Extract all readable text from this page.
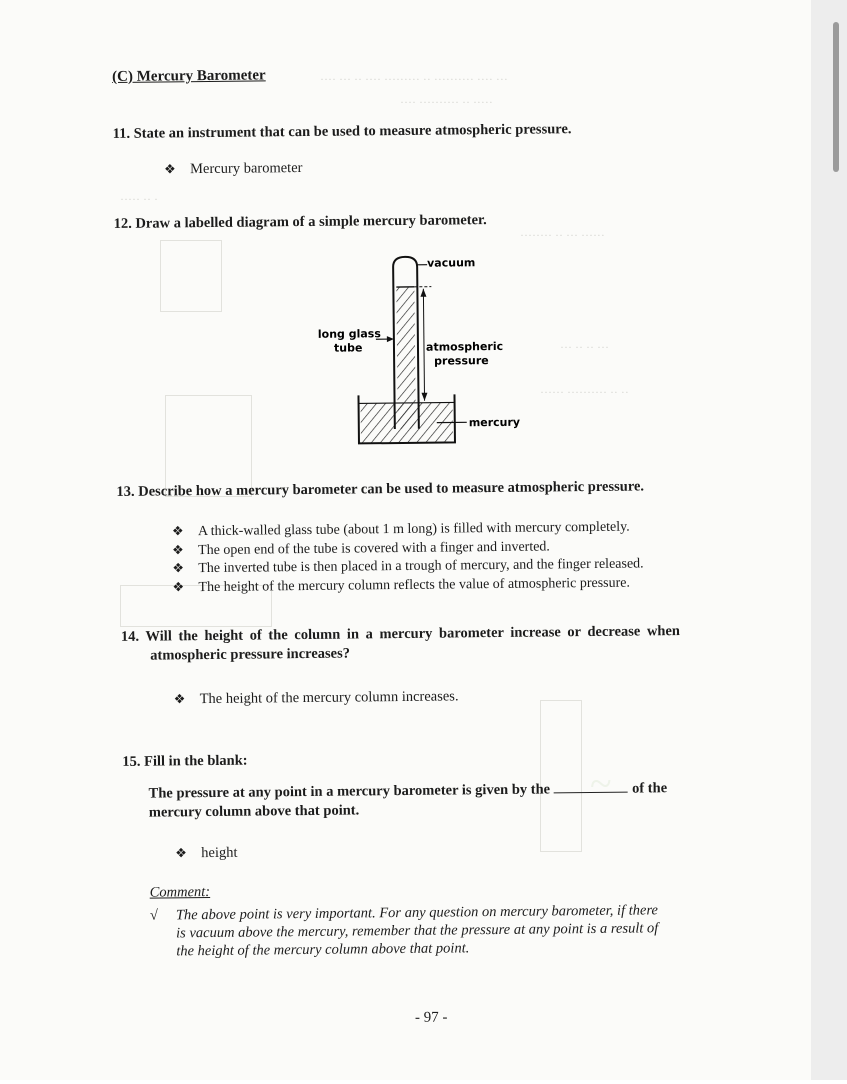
···· ··· ·· ···· ········· ·· ·········· ···· ···
···· ·········· ·· ·····
····· ·· ·
········ ·· ··· ······
··· ·· ·· ···
······ ·········· ·· ··
~
(C) Mercury Barometer
11. State an instrument that can be used to measure atmospheric pressure.
❖ Mercury barometer
12. Draw a labelled diagram of a simple mercury barometer.
vacuum
long glass
tube	atmospheric
pressure
mercury
13. Describe how a mercury barometer can be used to measure atmospheric pressure.
❖ A thick-walled glass tube (about 1 m long) is filled with mercury completely.
❖ The open end of the tube is covered with a finger and inverted.
❖ The inverted tube is then placed in a trough of mercury, and the finger released.
❖ The height of the mercury column reflects the value of atmospheric pressure.
14. Will the height of the column in a mercury barometer increase or decrease when
atmospheric pressure increases?
❖ The height of the mercury column increases.
15. Fill in the blank:
The pressure at any point in a mercury barometer is given by the	of the
mercury column above that point.
❖ height
Comment:
√ The above point is very important. For any question on mercury barometer, if there
is vacuum above the mercury, remember that the pressure at any point is a result of
the height of the mercury column above that point.
- 97 -
